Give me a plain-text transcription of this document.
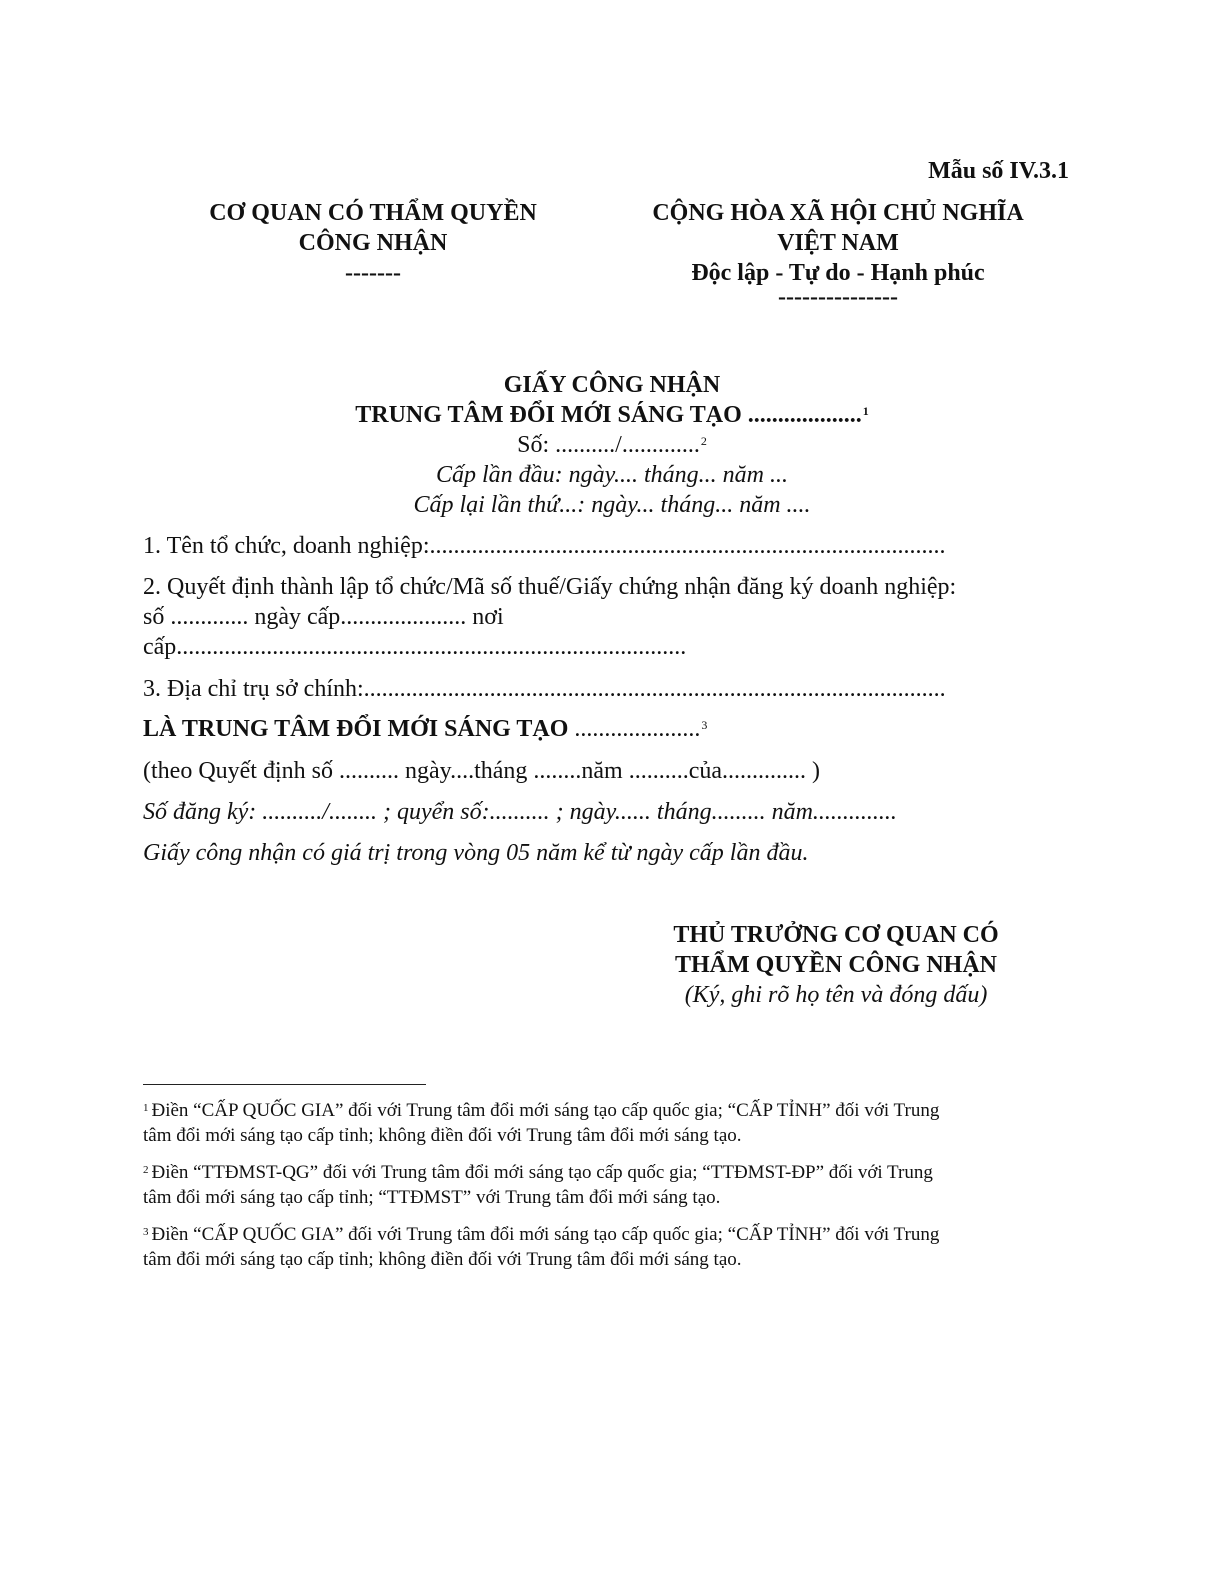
Mẫu số IV.3.1
CƠ QUAN CÓ THẨM QUYỀN
CÔNG NHẬN
-------
CỘNG HÒA XÃ HỘI CHỦ NGHĨA
VIỆT NAM
Độc lập - Tự do - Hạnh phúc
---------------
GIẤY CÔNG NHẬN
TRUNG TÂM ĐỔI MỚI SÁNG TẠO ...................$^1$
Số: ........../.............$^2$
Cấp lần đầu: ngày.... tháng... năm ...
Cấp lại lần thứ...: ngày... tháng... năm ....
1. Tên tổ chức, doanh nghiệp:......................................................................................
2. Quyết định thành lập tổ chức/Mã số thuế/Giấy chứng nhận đăng ký doanh nghiệp:
số ............. ngày cấp..................... nơi
cấp.....................................................................................
3. Địa chỉ trụ sở chính:.................................................................................................
LÀ TRUNG TÂM ĐỔI MỚI SÁNG TẠO .....................$^3$
(theo Quyết định số .......... ngày....tháng ........năm ..........của.............. )
Số đăng ký: ........../........ ; quyển số:.......... ; ngày...... tháng......... năm..............
Giấy công nhận có giá trị trong vòng 05 năm kể từ ngày cấp lần đầu.
THỦ TRƯỞNG CƠ QUAN CÓ
THẨM QUYỀN CÔNG NHẬN
(Ký, ghi rõ họ tên và đóng dấu)
$^1$ Điền “CẤP QUỐC GIA” đối với Trung tâm đổi mới sáng tạo cấp quốc gia; “CẤP TỈNH” đối với Trung
tâm đổi mới sáng tạo cấp tỉnh; không điền đối với Trung tâm đổi mới sáng tạo.
$^2$ Điền “TTĐMST-QG” đối với Trung tâm đổi mới sáng tạo cấp quốc gia; “TTĐMST-ĐP” đối với Trung
tâm đổi mới sáng tạo cấp tỉnh; “TTĐMST” với Trung tâm đổi mới sáng tạo.
$^3$ Điền “CẤP QUỐC GIA” đối với Trung tâm đổi mới sáng tạo cấp quốc gia; “CẤP TỈNH” đối với Trung
tâm đổi mới sáng tạo cấp tỉnh; không điền đối với Trung tâm đổi mới sáng tạo.
